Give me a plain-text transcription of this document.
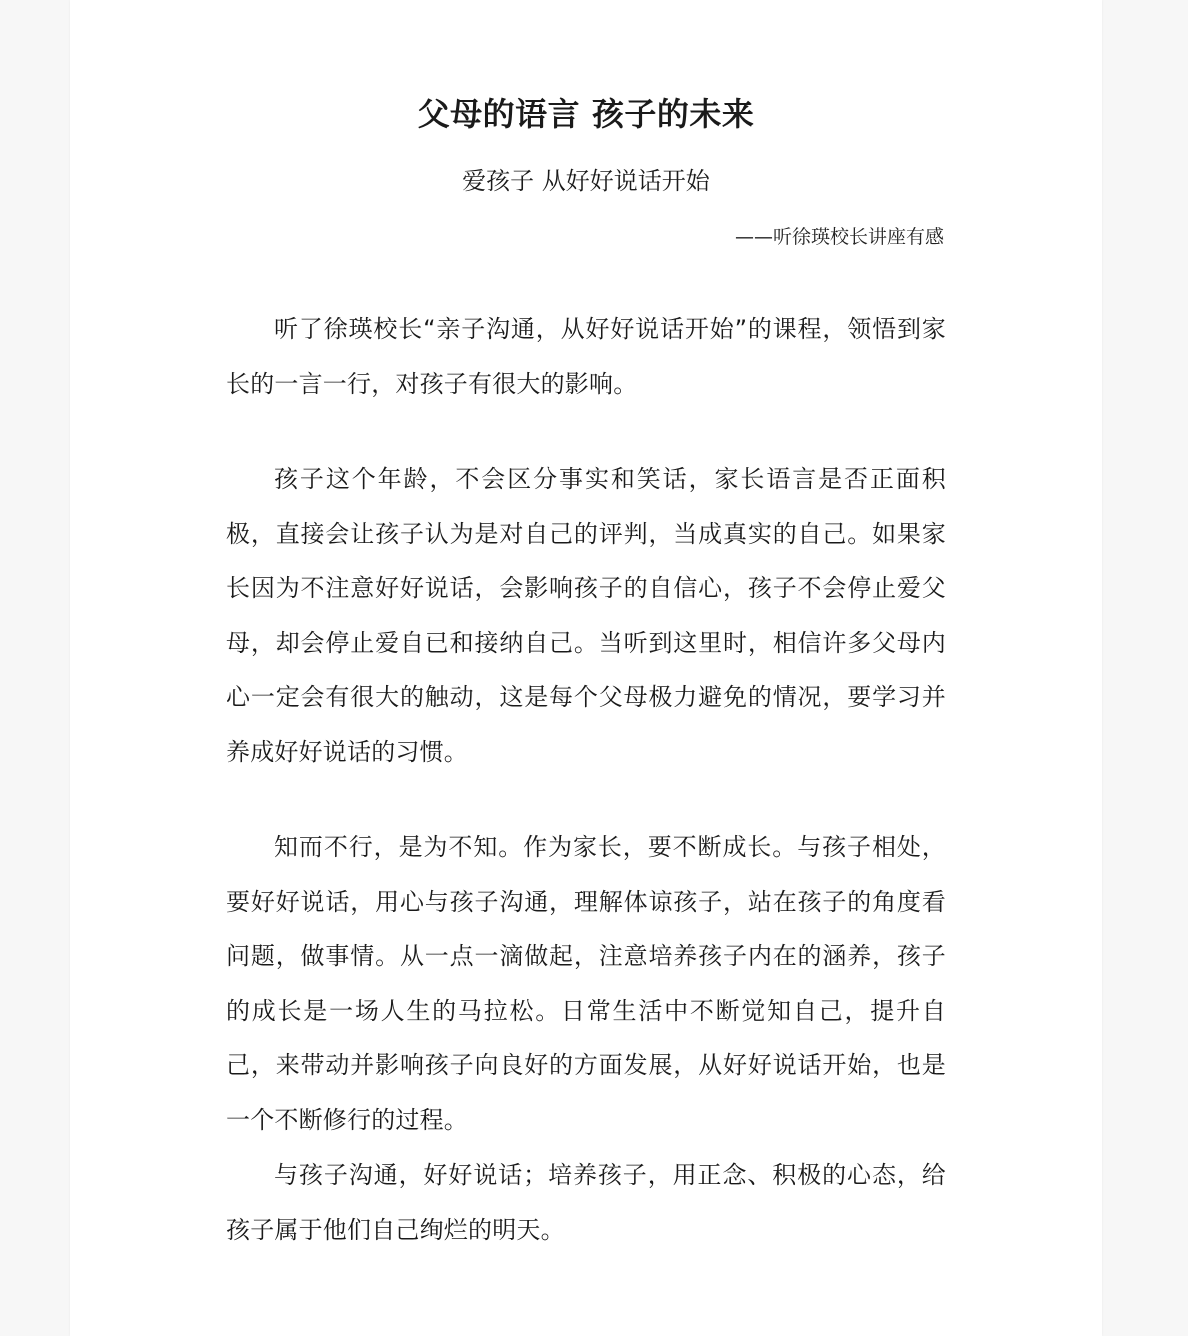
父母的语言 孩子的未来

爱孩子 从好好说话开始

——听徐瑛校长讲座有感

听了徐瑛校长“亲子沟通，从好好说话开始”的课程，领悟到家长的一言一行，对孩子有很大的影响。

孩子这个年龄，不会区分事实和笑话，家长语言是否正面积极，直接会让孩子认为是对自己的评判，当成真实的自己。如果家长因为不注意好好说话，会影响孩子的自信心，孩子不会停止爱父母，却会停止爱自已和接纳自己。当听到这里时，相信许多父母内心一定会有很大的触动，这是每个父母极力避免的情况，要学习并养成好好说话的习惯。

知而不行，是为不知。作为家长，要不断成长。与孩子相处，要好好说话，用心与孩子沟通，理解体谅孩子，站在孩子的角度看问题，做事情。从一点一滴做起，注意培养孩子内在的涵养，孩子的成长是一场人生的马拉松。日常生活中不断觉知自己，提升自己，来带动并影响孩子向良好的方面发展，从好好说话开始，也是一个不断修行的过程。

与孩子沟通，好好说话；培养孩子，用正念、积极的心态，给孩子属于他们自己绚烂的明天。
